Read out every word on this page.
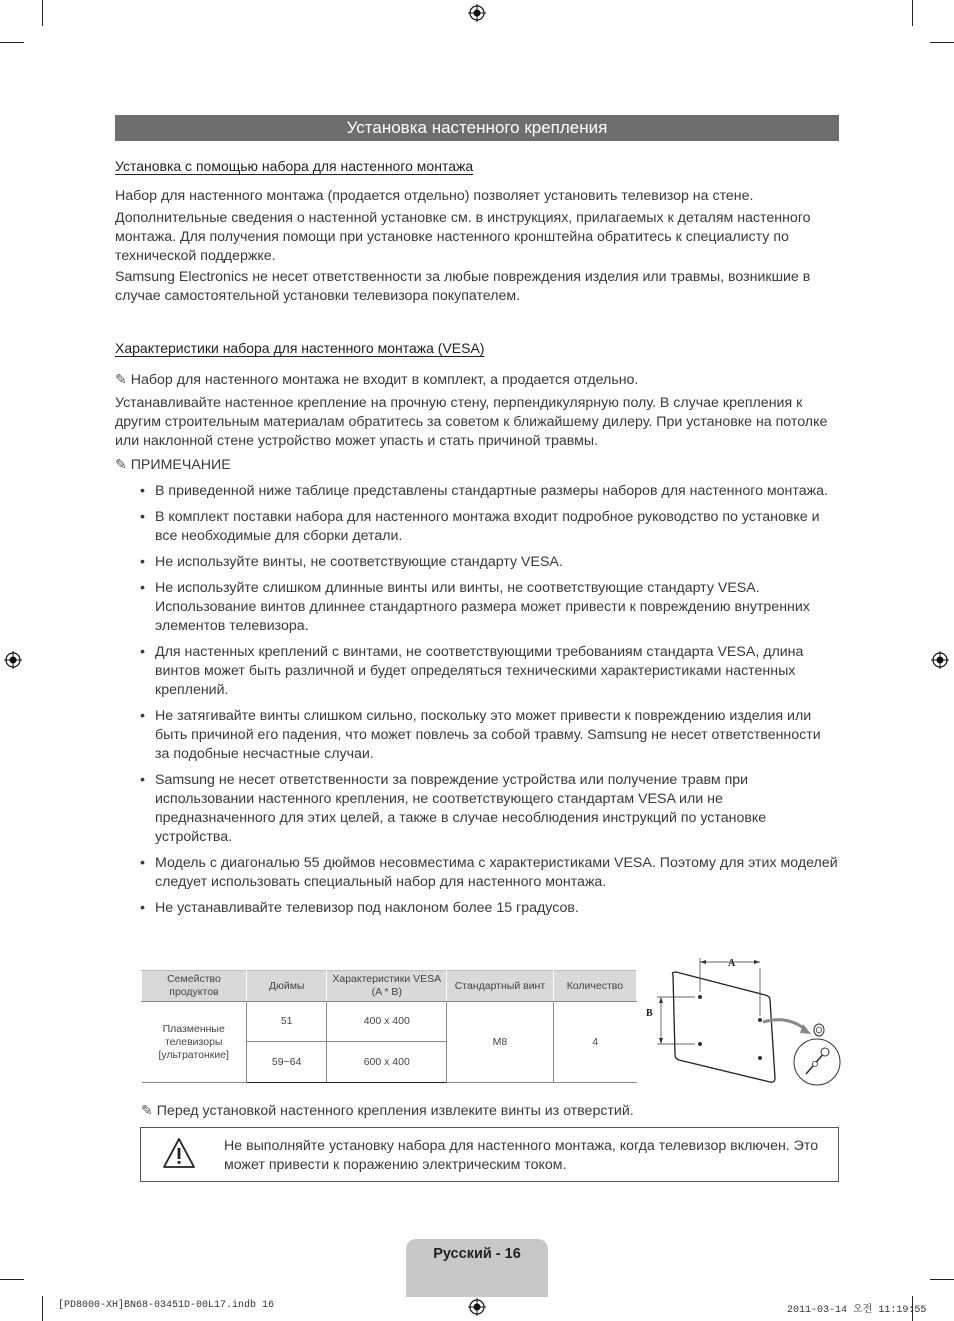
Установка настенного крепления
Установка с помощью набора для настенного монтажа
Набор для настенного монтажа (продается отдельно) позволяет установить телевизор на стене.
Дополнительные сведения о настенной установке см. в инструкциях, прилагаемых к деталям настенного монтажа. Для получения помощи при установке настенного кронштейна обратитесь к специалисту по технической поддержке.
Samsung Electronics не несет ответственности за любые повреждения изделия или травмы, возникшие в случае самостоятельной установки телевизора покупателем.
Характеристики набора для настенного монтажа (VESA)
✎ Набор для настенного монтажа не входит в комплект, а продается отдельно.
Устанавливайте настенное крепление на прочную стену, перпендикулярную полу. В случае крепления к другим строительным материалам обратитесь за советом к ближайшему дилеру. При установке на потолке или наклонной стене устройство может упасть и стать причиной травмы.
✎ ПРИМЕЧАНИЕ
• В приведенной ниже таблице представлены стандартные размеры наборов для настенного монтажа.
• В комплект поставки набора для настенного монтажа входит подробное руководство по установке и все необходимые для сборки детали.
• Не используйте винты, не соответствующие стандарту VESA.
• Не используйте слишком длинные винты или винты, не соответствующие стандарту VESA. Использование винтов длиннее стандартного размера может привести к повреждению внутренних элементов телевизора.
• Для настенных креплений с винтами, не соответствующими требованиям стандарта VESA, длина винтов может быть различной и будет определяться техническими характеристиками настенных креплений.
• Не затягивайте винты слишком сильно, поскольку это может привести к повреждению изделия или быть причиной его падения, что может повлечь за собой травму. Samsung не несет ответственности за подобные несчастные случаи.
• Samsung не несет ответственности за повреждение устройства или получение травм при использовании настенного крепления, не соответствующего стандартам VESA или не предназначенного для этих целей, а также в случае несоблюдения инструкций по установке устройства.
• Модель с диагональю 55 дюймов несовместима с характеристиками VESA. Поэтому для этих моделей следует использовать специальный набор для настенного монтажа.
• Не устанавливайте телевизор под наклоном более 15 градусов.
Семейство продуктов	Дюймы	Характеристики VESA (A * B)	Стандартный винт	Количество
Плазменные телевизоры [ультратонкие]	51	400 x 400	M8	4
	59~64	600 x 400		
A
B
✎ Перед установкой настенного крепления извлеките винты из отверстий.
Не выполняйте установку набора для настенного монтажа, когда телевизор включен. Это может привести к поражению электрическим током.
Русский - 16
[PD8000-XH]BN68-03451D-00L17.indb 16	2011-03-14 오전 11:19:55
